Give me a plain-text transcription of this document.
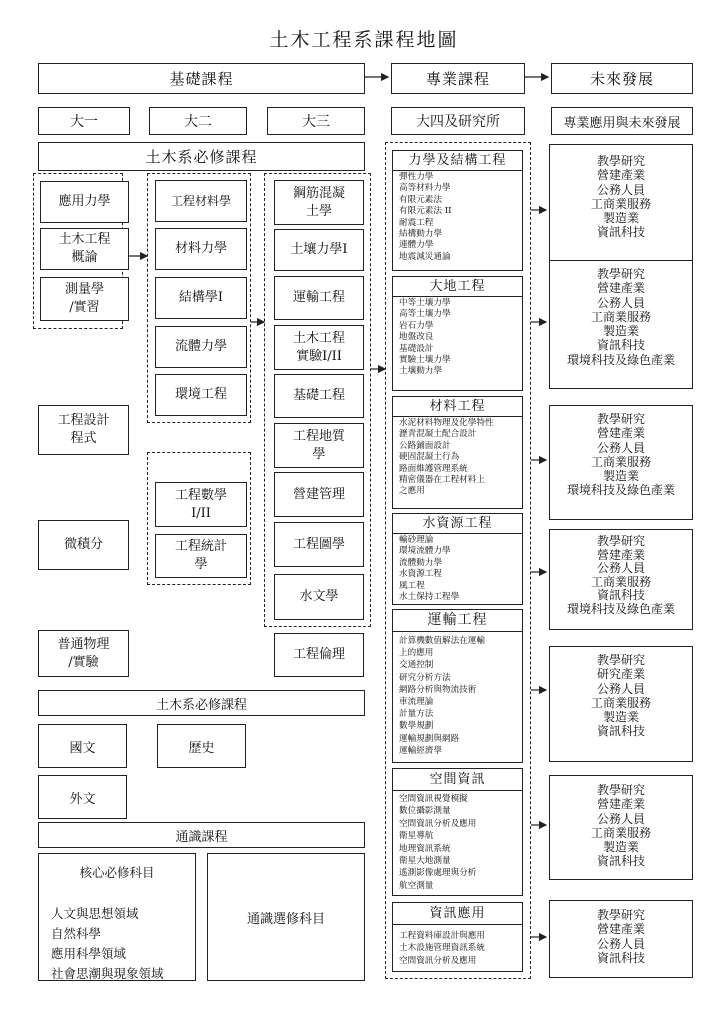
土木工程系課程地圖
基礎課程	專業課程	未來發展
大一	大二	大三	大四及研究所	專業應用與未來發展
土木系必修課程
應用力學
土木工程
概論
測量學
/實習
工程材料學
材料力學
結構學I
流體力學
環境工程
工程數學
I/II
工程統計
學
鋼筋混凝
土學
土壤力學I
運輸工程
土木工程
實驗I/II
基礎工程
工程地質
學
營建管理
工程圖學
水文學
工程設計
程式
微積分
普通物理
/實驗	工程倫理
土木系必修課程
國文	歷史
外文
通識課程
核心必修科目
人文與思想領域
自然科學
應用科學領域
社會思潮與現象領域
通識選修科目
力學及結構工程
彈性力學
高等材料力學
有限元素法
有限元素法 II
耐震工程
結構動力學
連體力學
地震減災通論
大地工程
中等土壤力學
高等土壤力學
岩石力學
地盤改良
基礎設計
實驗土壤力學
土壤動力學
材料工程
水泥材料物理及化學特性
瀝青混凝土配合設計
公路鋪面設計
硬固混凝土行為
路面維護管理系統
精密儀器在工程材料上
之應用
水資源工程
輸砂理論
環境流體力學
流體動力學
水資源工程
風工程
水土保持工程學
運輸工程
計算機數值解法在運輸
上的應用
交通控制
研究分析方法
網路分析與物流技術
車流理論
計量方法
數學規劃
運輸規劃與網路
運輸經濟學
空間資訊
空間資訊視覺模擬
數位攝影測量
空間資訊分析及應用
衛星導航
地理資訊系統
衛星大地測量
遙測影像處理與分析
航空測量
資訊應用
工程資料庫設計與應用
土木設施管理資訊系統
空間資訊分析及應用
教學研究
營建產業
公務人員
工商業服務
製造業
資訊科技
教學研究
營建產業
公務人員
工商業服務
製造業
資訊科技
環境科技及綠色產業
教學研究
營建產業
公務人員
工商業服務
製造業
環境科技及綠色產業
教學研究
營建產業
公務人員
工商業服務
資訊科技
環境科技及綠色產業
教學研究
研究產業
公務人員
工商業服務
製造業
資訊科技
教學研究
營建產業
公務人員
工商業服務
製造業
資訊科技
教學研究
營建產業
公務人員
資訊科技
